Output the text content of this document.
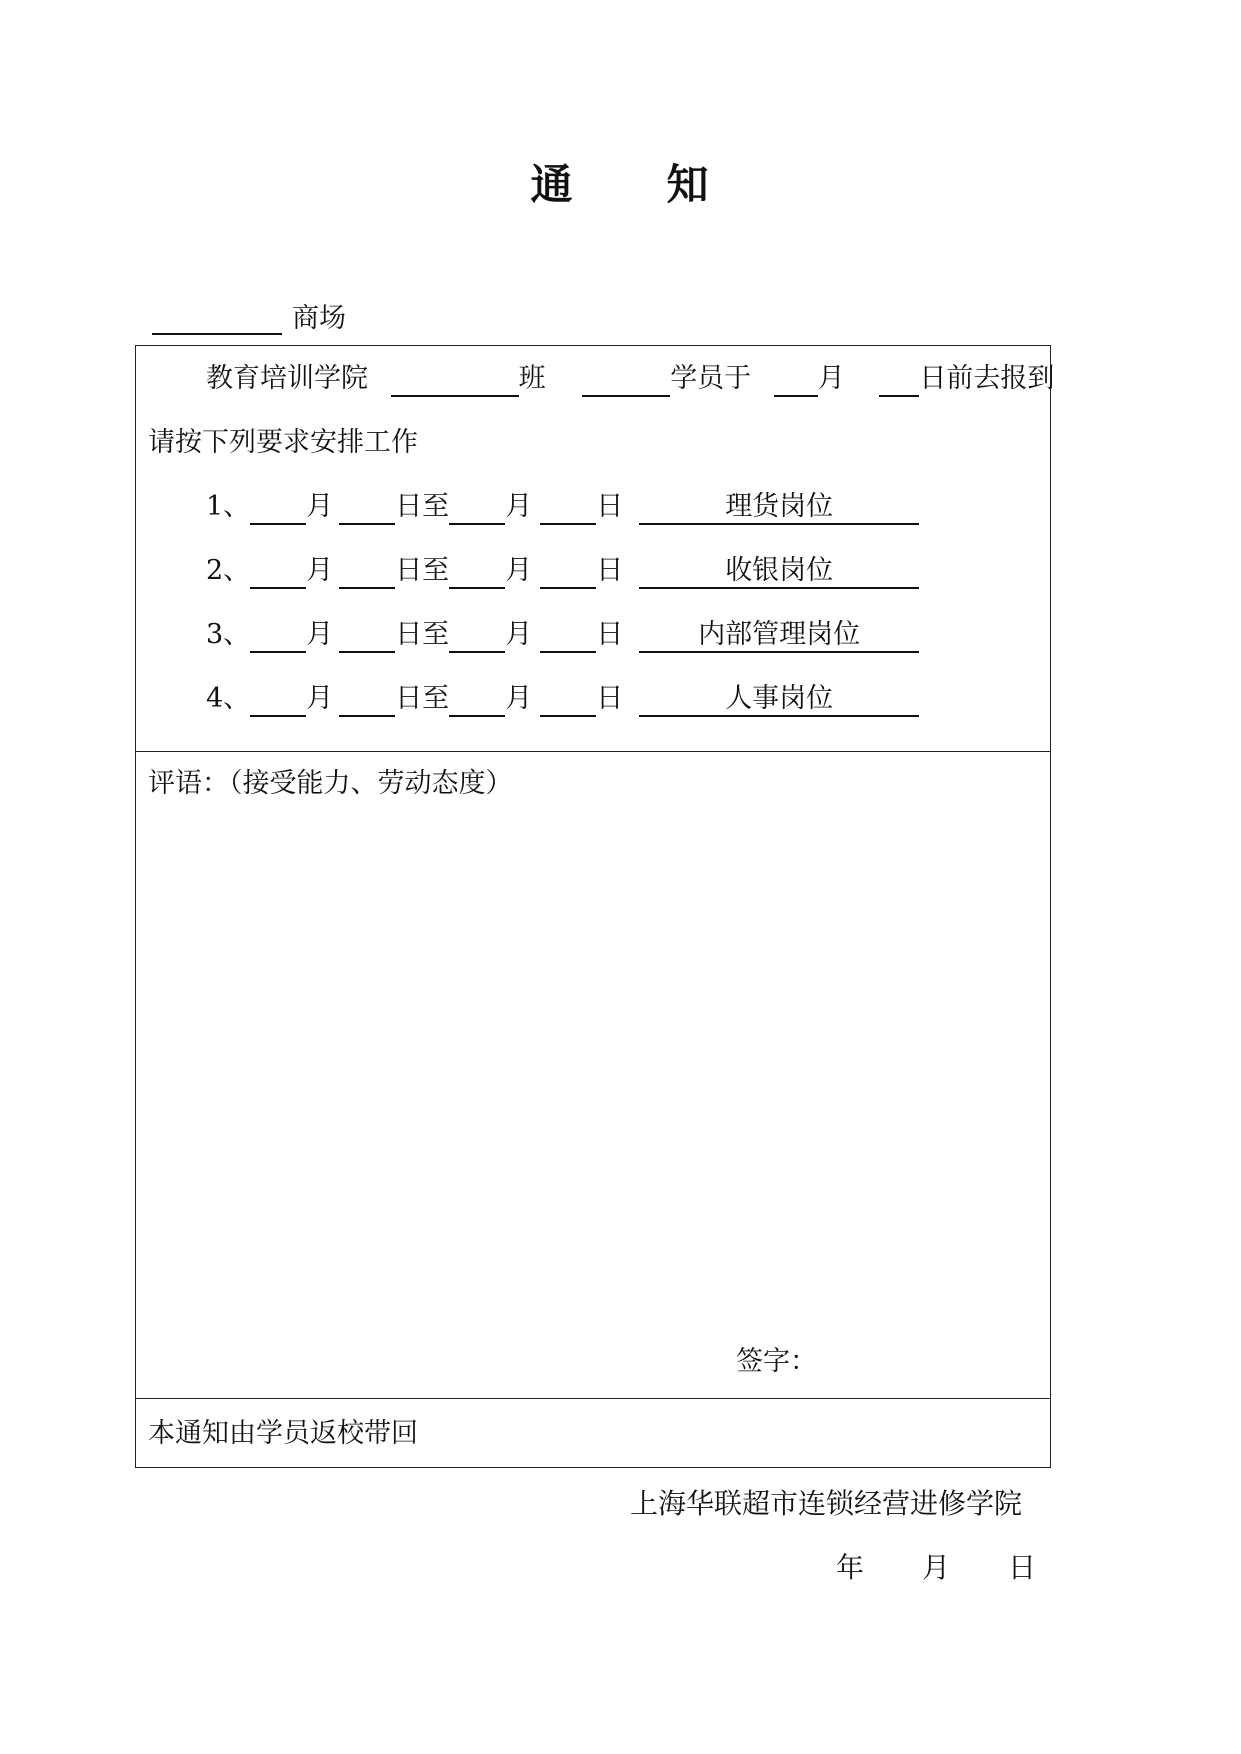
通 知
商场
教育培训学院	班	学员于 月	日前去报到
请按下列要求安排工作
1、 月 日至 月 日	理货岗位
2、 月 日至 月 日	收银岗位
3、 月 日至 月 日	内部管理岗位
4、 月 日至 月 日	人事岗位
评语：（接受能力、劳动态度）
签字：
本通知由学员返校带回
上海华联超市连锁经营进修学院
年 月 日
